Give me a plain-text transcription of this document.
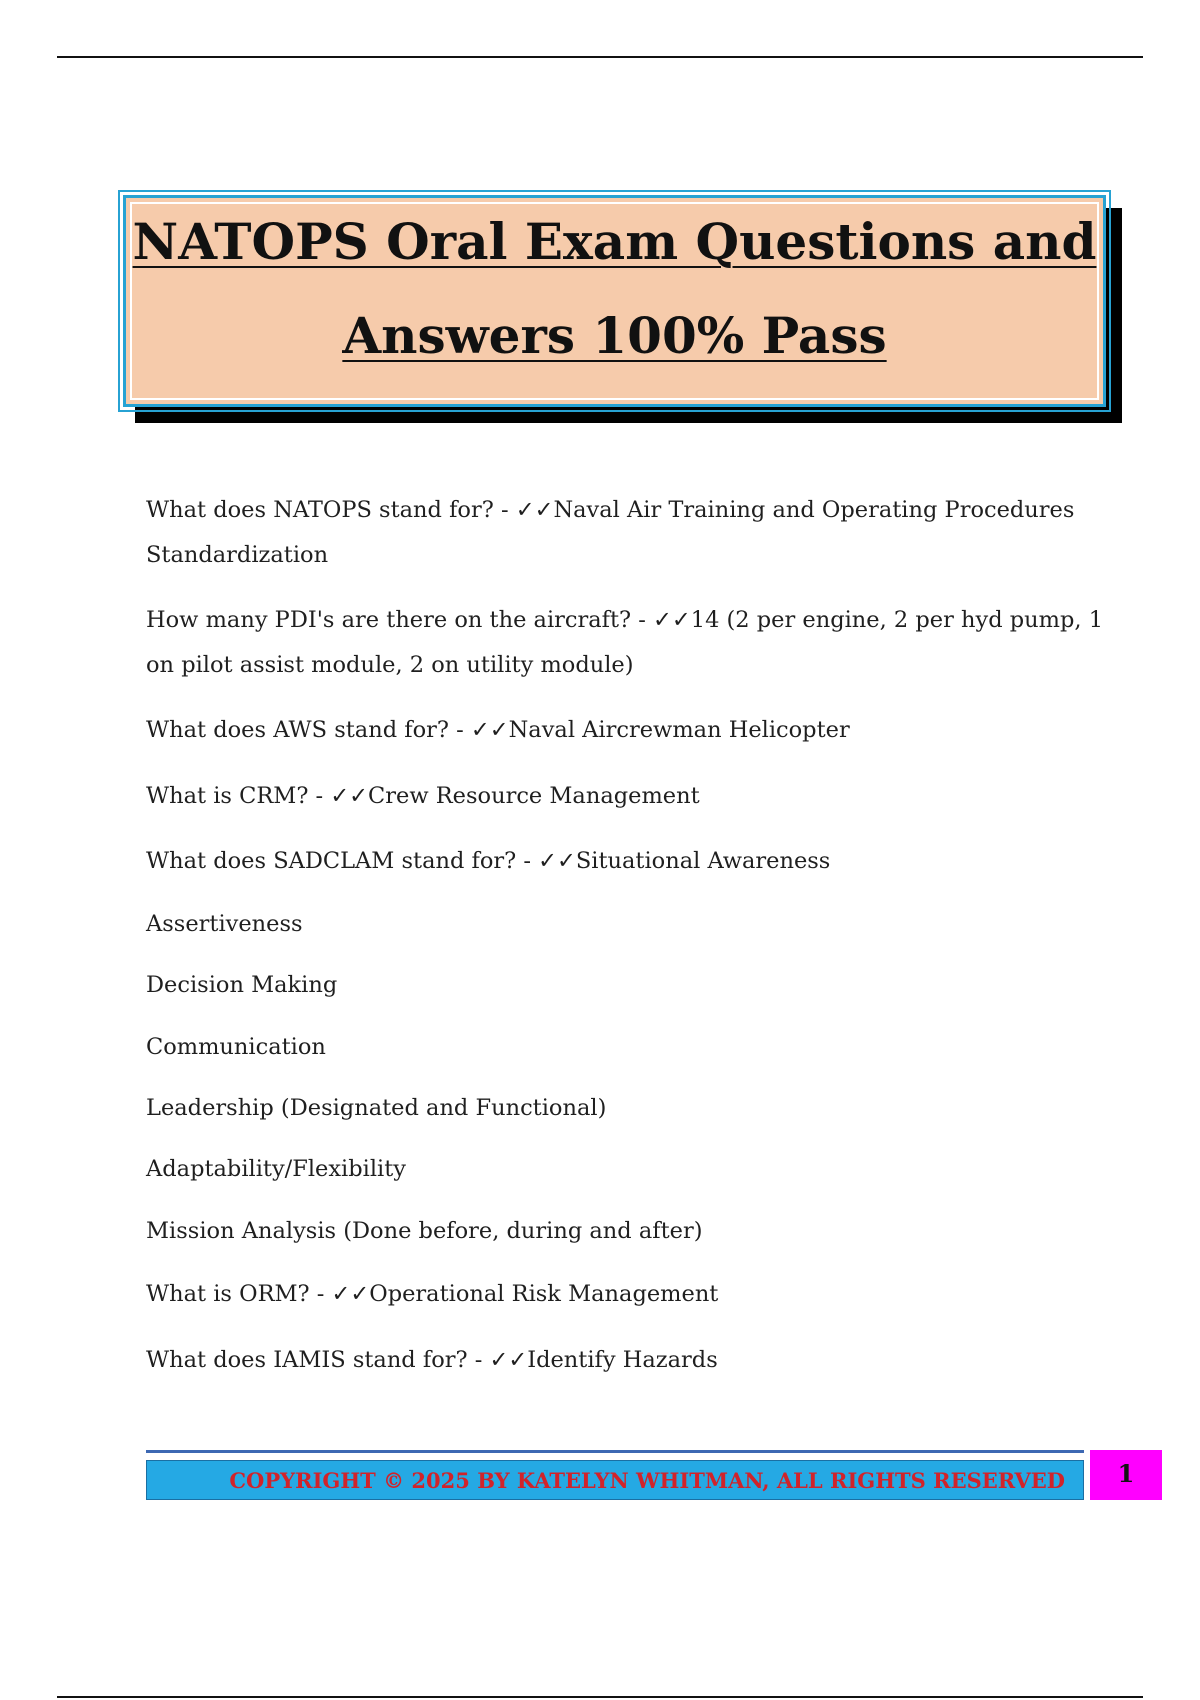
NATOPS Oral Exam Questions and
Answers 100% Pass
What does NATOPS stand for? - ✓✓Naval Air Training and Operating Procedures Standardization
How many PDI's are there on the aircraft? - ✓✓14 (2 per engine, 2 per hyd pump, 1 on pilot assist module, 2 on utility module)
What does AWS stand for? - ✓✓Naval Aircrewman Helicopter
What is CRM? - ✓✓Crew Resource Management
What does SADCLAM stand for? - ✓✓Situational Awareness
Assertiveness
Decision Making
Communication
Leadership (Designated and Functional)
Adaptability/Flexibility
Mission Analysis (Done before, during and after)
What is ORM? - ✓✓Operational Risk Management
What does IAMIS stand for? - ✓✓Identify Hazards
COPYRIGHT © 2025 BY KATELYN WHITMAN, ALL RIGHTS RESERVED	1
